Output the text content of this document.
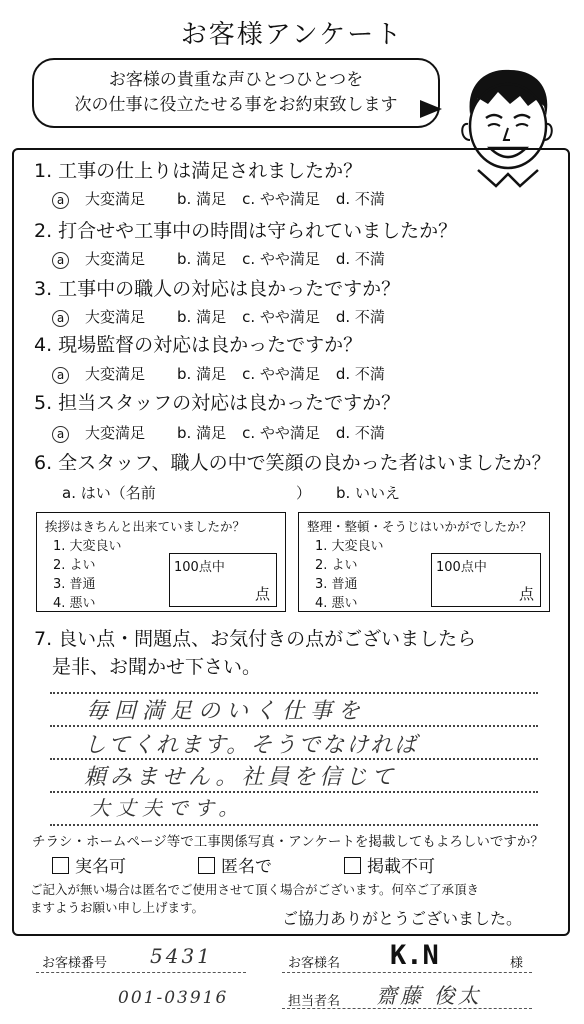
お客様アンケート
お客様の貴重な声ひとつひとつを
次の仕事に役立たせる事をお約束致します
1. 工事の仕上りは満足されましたか？
a 大変満足 b. 満足 c. やや満足 d. 不満
2. 打合せや工事中の時間は守られていましたか？
a 大変満足 b. 満足 c. やや満足 d. 不満
3. 工事中の職人の対応は良かったですか？
a 大変満足 b. 満足 c. やや満足 d. 不満
4. 現場監督の対応は良かったですか？
a 大変満足 b. 満足 c. やや満足 d. 不満
5. 担当スタッフの対応は良かったですか？
a 大変満足 b. 満足 c. やや満足 d. 不満
6. 全スタッフ、職人の中で笑顔の良かった者はいましたか？
a. はい（名前	） b. いいえ
挨拶はきちんと出来ていましたか？
1. 大変良い
2. よい
3. 普通
4. 悪い
100点中
点
整理・整頓・そうじはいかがでしたか？
1. 大変良い
2. よい
3. 普通
4. 悪い
100点中
点
7. 良い点・問題点、お気付きの点がございましたら
是非、お聞かせ下さい。
毎回満足のいく仕事を
してくれます。そうでなければ
頼みません。社員を信じて
大丈夫です。
チラシ・ホームページ等で工事関係写真・アンケートを掲載してもよろしいですか？
実名可	匿名で	掲載不可
ご記入が無い場合は匿名でご使用させて頂く場合がございます。何卒ご了承頂き
ますようお願い申し上げます。
ご協力ありがとうございました。
お客様番号 5431	お客様名 K.N	様
001-03916	担当者名 齋藤 俊太
